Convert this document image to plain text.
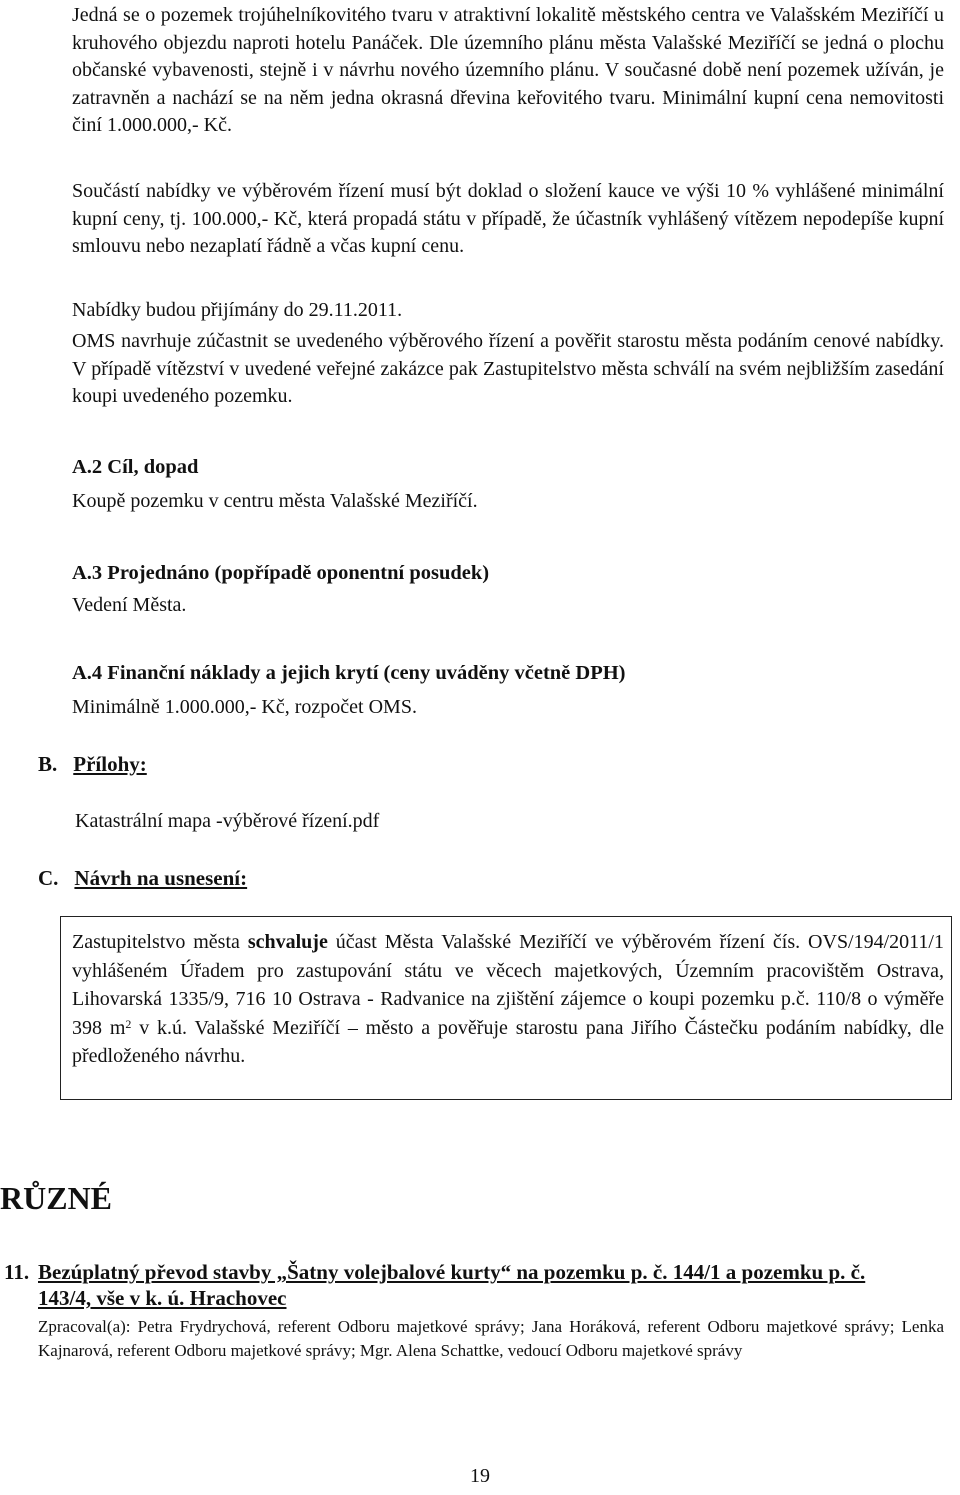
Jedná se o pozemek trojúhelníkovitého tvaru v atraktivní lokalitě městského centra ve Valašském Meziříčí u kruhového objezdu naproti hotelu Panáček. Dle územního plánu města Valašské Meziříčí se jedná o plochu občanské vybavenosti, stejně i v návrhu nového územního plánu. V současné době není pozemek užíván, je zatravněn a nachází se na něm jedna okrasná dřevina keřovitého tvaru. Minimální kupní cena nemovitosti činí 1.000.000,- Kč.

Součástí nabídky ve výběrovém řízení musí být doklad o složení kauce ve výši 10 % vyhlášené minimální kupní ceny, tj. 100.000,- Kč, která propadá státu v případě, že účastník vyhlášený vítězem nepodepíše kupní smlouvu nebo nezaplatí řádně a včas kupní cenu.

Nabídky budou přijímány do 29.11.2011.

OMS navrhuje zúčastnit se uvedeného výběrového řízení a pověřit starostu města podáním cenové nabídky. V případě vítězství v uvedené veřejné zakázce pak Zastupitelstvo města schválí na svém nejbližším zasedání koupi uvedeného pozemku.

A.2 Cíl, dopad

Koupě pozemku v centru města Valašské Meziříčí.

A.3 Projednáno (popřípadě oponentní posudek)

Vedení Města.

A.4 Finanční náklady a jejich krytí (ceny uváděny včetně DPH)

Minimálně 1.000.000,- Kč, rozpočet OMS.

B. Přílohy:

Katastrální mapa -výběrové řízení.pdf

C. Návrh na usnesení:

Zastupitelstvo města schvaluje účast Města Valašské Meziříčí ve výběrovém řízení čís. OVS/194/2011/1 vyhlášeném Úřadem pro zastupování státu ve věcech majetkových, Územním pracovištěm Ostrava, Lihovarská 1335/9, 716 10 Ostrava - Radvanice na zjištění zájemce o koupi pozemku p.č. 110/8 o výměře 398 $m^2$ v k.ú. Valašské Meziříčí – město a pověřuje starostu pana Jiřího Částečku podáním nabídky, dle předloženého návrhu.

RŮZNÉ

11. Bezúplatný převod stavby „Šatny volejbalové kurty“ na pozemku p. č. 144/1 a pozemku p. č. 143/4, vše v k. ú. Hrachovec
Zpracoval(a): Petra Frydrychová, referent Odboru majetkové správy; Jana Horáková, referent Odboru majetkové správy; Lenka Kajnarová, referent Odboru majetkové správy; Mgr. Alena Schattke, vedoucí Odboru majetkové správy
19
